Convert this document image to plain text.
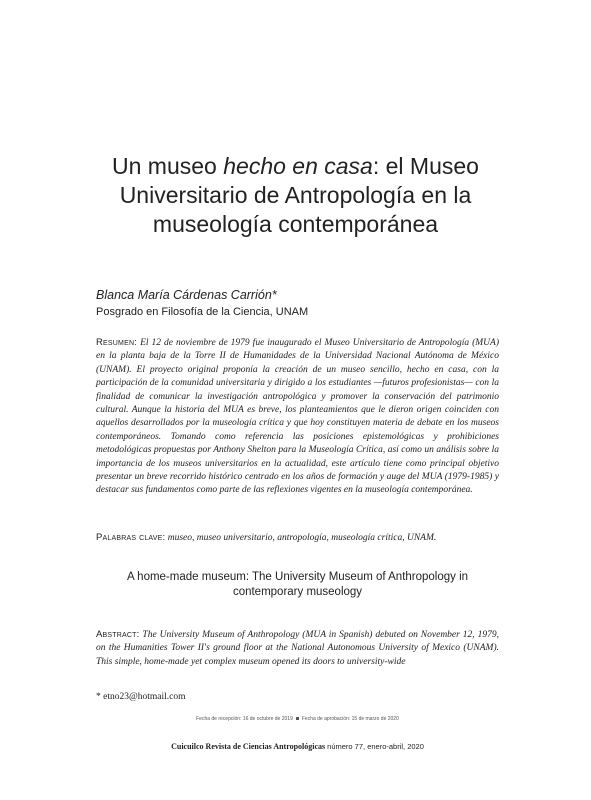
Un museo hecho en casa: el Museo Universitario de Antropología en la museología contemporánea
Blanca María Cárdenas Carrión*
Posgrado en Filosofía de la Ciencia, UNAM

Resumen: El 12 de noviembre de 1979 fue inaugurado el Museo Universitario de Antropología (MUA) en la planta baja de la Torre II de Humanidades de la Universidad Nacional Autónoma de México (UNAM). El proyecto original proponía la creación de un museo sencillo, hecho en casa, con la participación de la comunidad universitaria y dirigido a los estudiantes —futuros profesionistas— con la finalidad de comunicar la investigación antropológica y promover la conservación del patrimonio cultural. Aunque la historia del MUA es breve, los planteamientos que le dieron origen coinciden con aquellos desarrollados por la museología crítica y que hoy constituyen materia de debate en los museos contemporáneos. Tomando como referencia las posiciones epistemológicas y prohibiciones metodológicas propuestas por Anthony Shelton para la Museología Crítica, así como un análisis sobre la importancia de los museos universitarios en la actualidad, este artículo tiene como principal objetivo presentar un breve recorrido histórico centrado en los años de formación y auge del MUA (1979-1985) y destacar sus fundamentos como parte de las reflexiones vigentes en la museología contemporánea.

Palabras clave: museo, museo universitario, antropología, museología crítica, UNAM.

A home-made museum: The University Museum of Anthropology in contemporary museology

Abstract: The University Museum of Anthropology (MUA in Spanish) debuted on November 12, 1979, on the Humanities Tower II's ground floor at the National Autonomous University of Mexico (UNAM). This simple, home-made yet complex museum opened its doors to university-wide

* etno23@hotmail.com
Fecha de recepción: 16 de octubre de 2019 Fecha de aprobación: 15 de marzo de 2020
Cuicuilco Revista de Ciencias Antropológicas número 77, enero-abril, 2020
